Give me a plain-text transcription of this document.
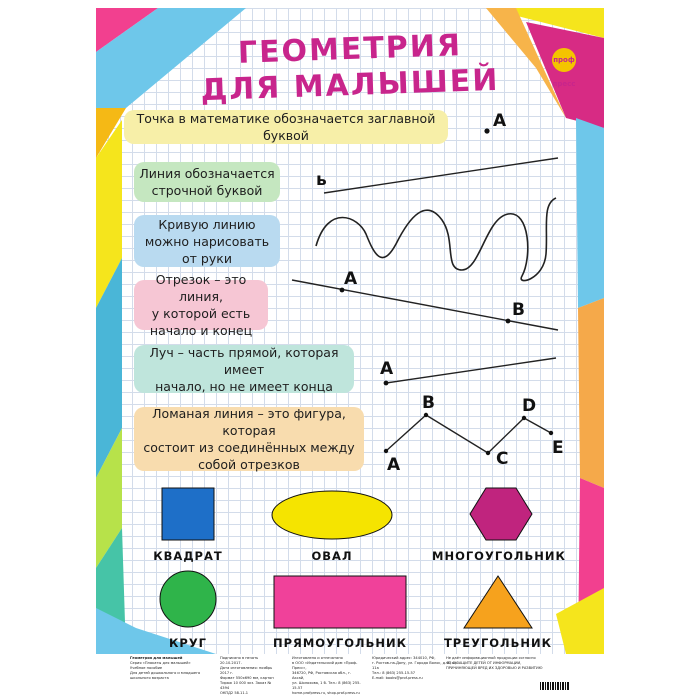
ГЕОМЕТРИЯ
ДЛЯ МАЛЫШЕЙ
проф пресс
Точка в математике обозначается заглавной буквой
Линия обозначается
строчной буквой
Кривую линию
можно нарисовать
от руки
Отрезок – это линия,
у которой есть
начало и конец
Луч – часть прямой, которая имеет
начало, но не имеет конца
Ломаная линия – это фигура, которая
состоит из соединённых между
собой отрезков
А
ь
А
В
А
А
В
С
D
Е
КВАДРАТ	ОВАЛ	МНОГОУГОЛЬНИК
КРУГ	ПРЯМОУГОЛЬНИК	ТРЕУГОЛЬНИК
Геометрия для малышей
Серия «Плакаты для малышей»
Учебное пособие
Для детей дошкольного и младшего
школьного возраста
Подписано в печать 20.10.2017.
Дата изготовления: ноябрь 2017 г.
Формат 550х690 мм, картон
Тираж 10 000 экз. Заказ № 4394
ОКПД2 58.11.1
Изготовлено и отпечатано
в ООО «Издательский дом «Проф-Пресс»,
346720, РФ, Ростовская обл., г. Аксай,
ул. Шолохова, 1 б. Тел.: 8 (863) 255-15-57
home.profpress.ru, shop.prof-press.ru
Юридический адрес: 344010, РФ,
г. Ростов-на-Дону, ул. Города Волос, д. 6, оф. 11а
Тел.: 8 (863) 255-15-57
E-mail: books@prof-press.ru
Не даёт информационной продукции согласно
ФЗ О ЗАЩИТЕ ДЕТЕЙ ОТ ИНФОРМАЦИИ,
ПРИЧИНЯЮЩЕЙ ВРЕД ИХ ЗДОРОВЬЮ И РАЗВИТИЮ
